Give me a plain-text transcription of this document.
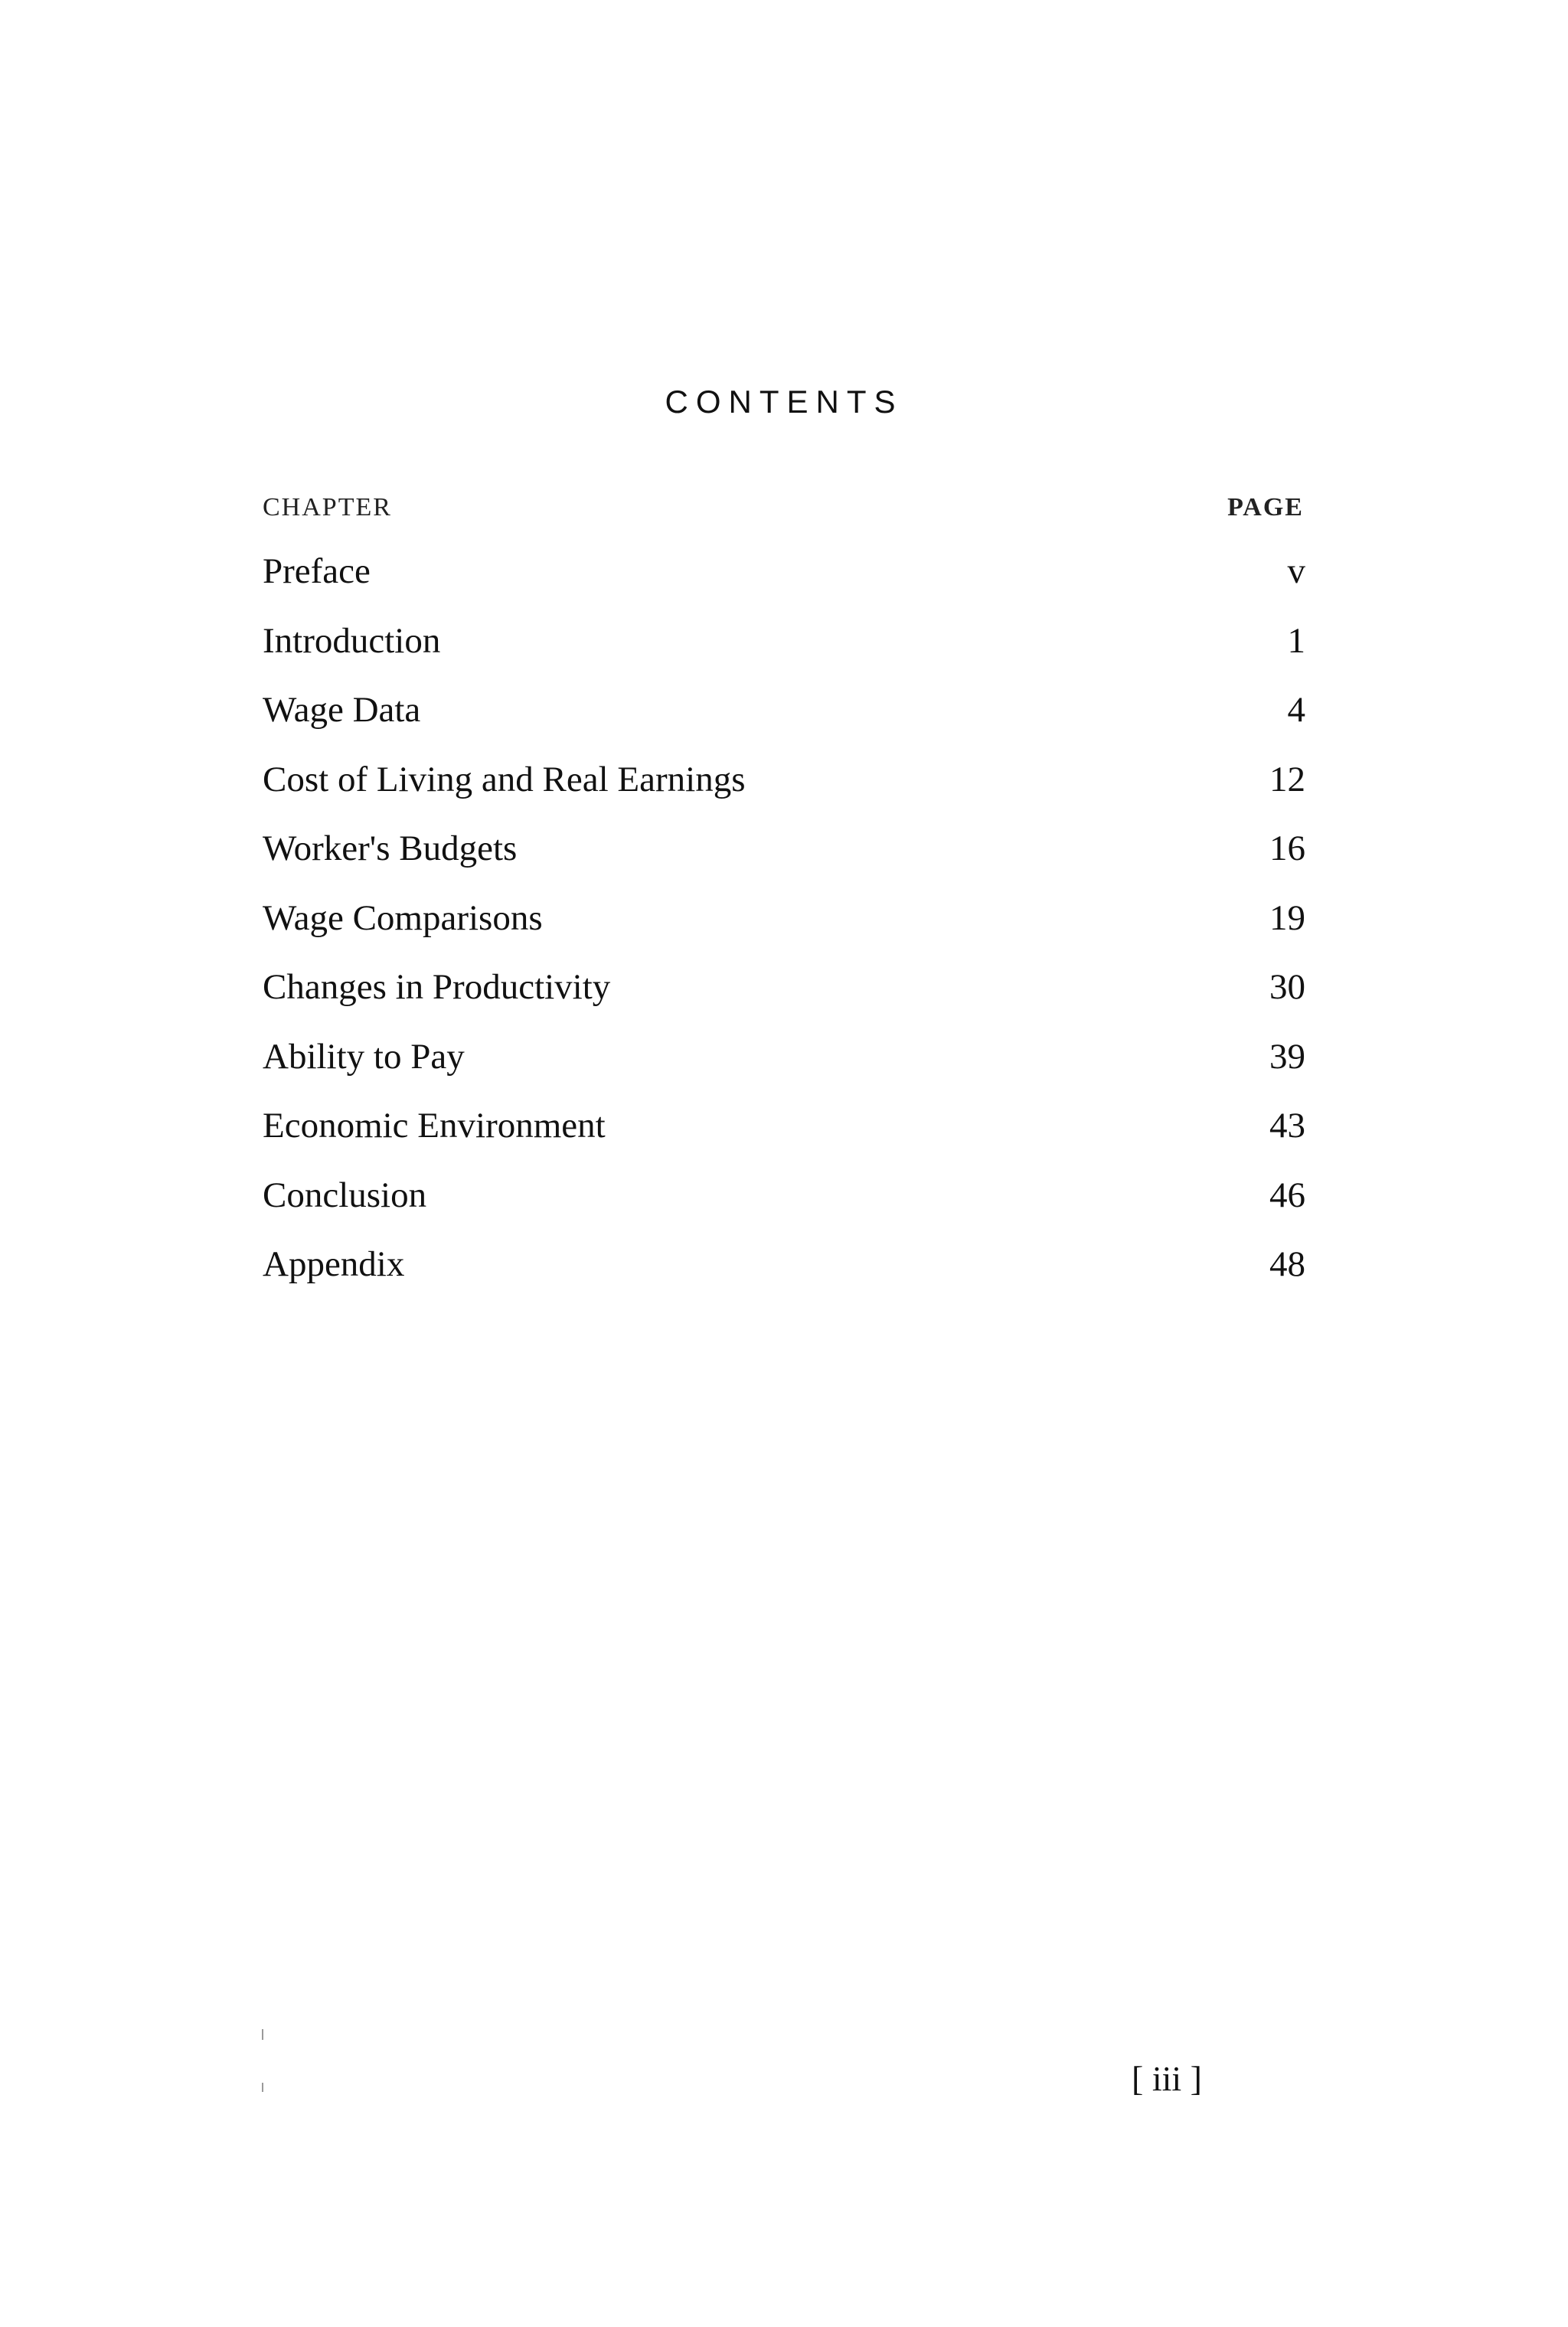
CONTENTS
CHAPTER	PAGE
Preface	v
Introduction	1
Wage Data	4
Cost of Living and Real Earnings	12
Worker's Budgets	16
Wage Comparisons	19
Changes in Productivity	30
Ability to Pay	39
Economic Environment	43
Conclusion	46
Appendix	48
[ iii ]
